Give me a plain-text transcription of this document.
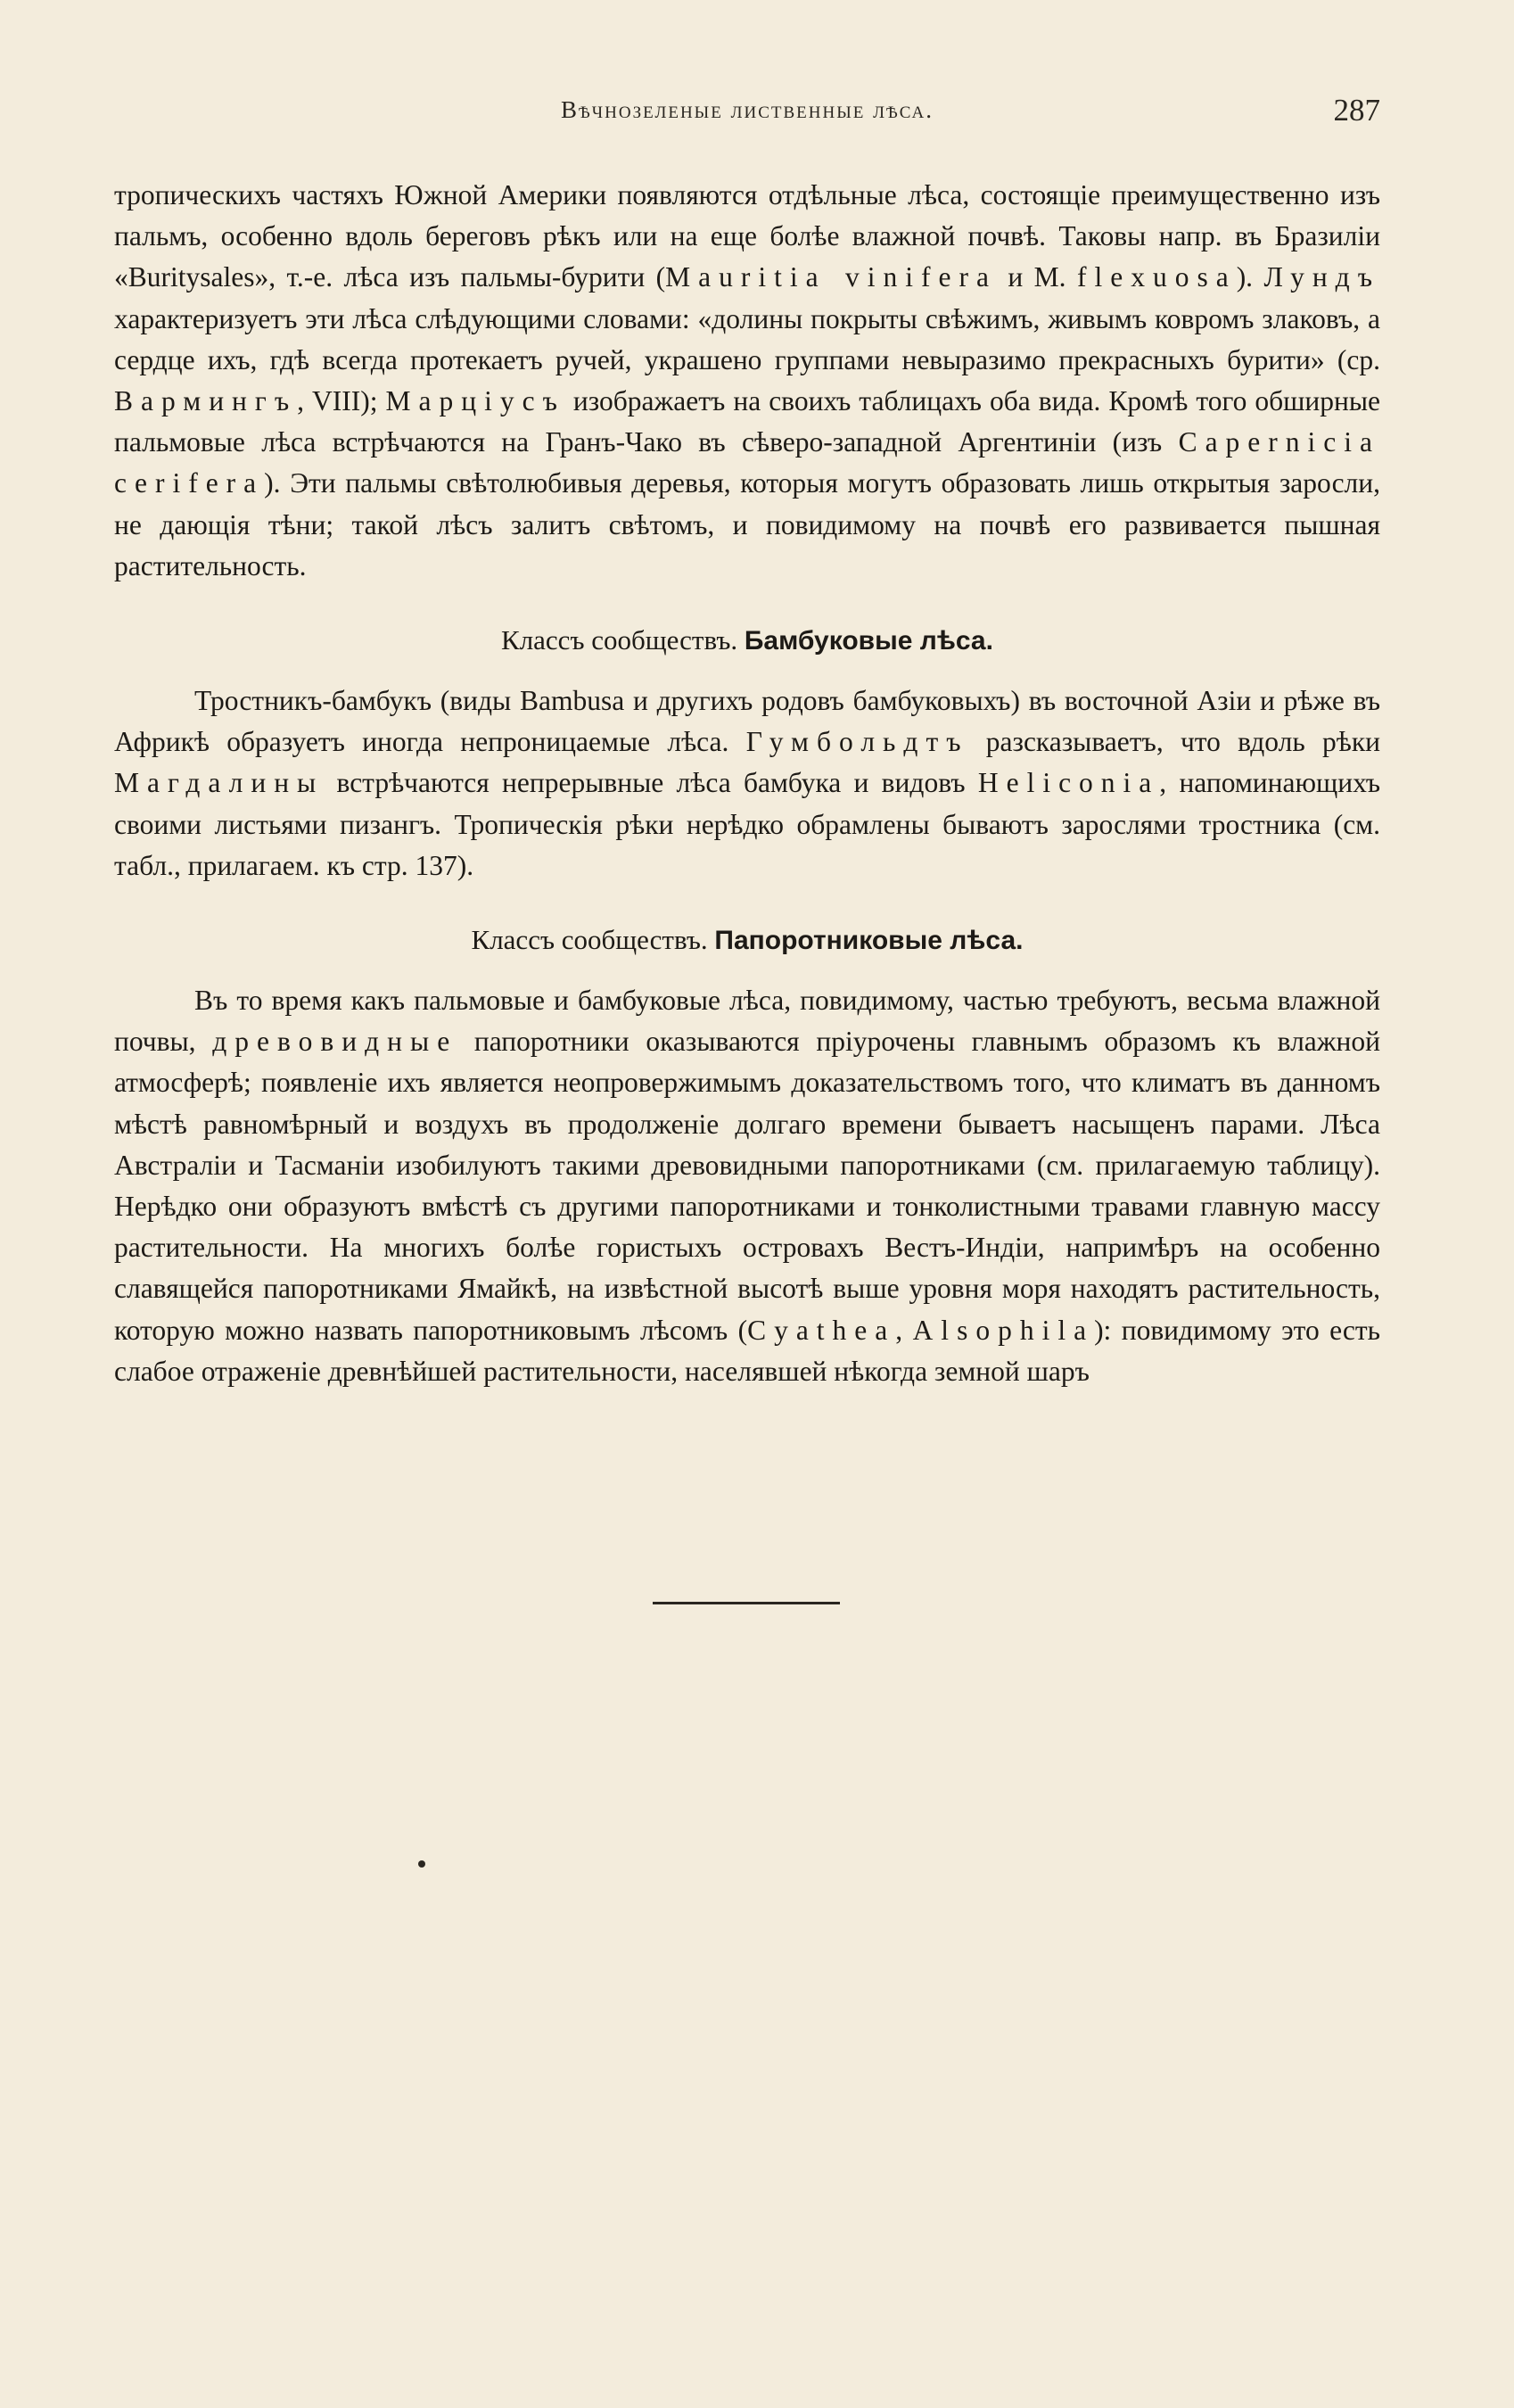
Вѣчнозеленые лиственные лѣса.	287

тропическихъ частяхъ Южной Америки появляются отдѣльные лѣса, состоящіе преимущественно изъ пальмъ, особенно вдоль береговъ рѣкъ или на еще болѣе влажной почвѣ. Таковы напр. въ Бразиліи «Buritysales», т.-е. лѣса изъ пальмы-бурити (Mauritia vinifera и M. flexuosa). Лундъ характеризуетъ эти лѣса слѣдующими словами: «долины покрыты свѣжимъ, живымъ ковромъ злаковъ, а сердце ихъ, гдѣ всегда протекаетъ ручей, украшено группами невыразимо прекрасныхъ бурити» (ср. Вармингъ, VIII); Марціусъ изображаетъ на своихъ таблицахъ оба вида. Кромѣ того обширные пальмовые лѣса встрѣчаются на Гранъ-Чако въ сѣверо-западной Аргентиніи (изъ Capernicia cerifera). Эти пальмы свѣтолюбивыя деревья, которыя могутъ образовать лишь открытыя заросли, не дающія тѣни; такой лѣсъ залитъ свѣтомъ, и повидимому на почвѣ его развивается пышная растительность.

Классъ сообществъ. Бамбуковые лѣса.

Тростникъ-бамбукъ (виды Bambusa и другихъ родовъ бамбуковыхъ) въ восточной Азіи и рѣже въ Африкѣ образуетъ иногда непроницаемые лѣса. Гумбольдтъ разсказываетъ, что вдоль рѣки Магдалины встрѣчаются непрерывные лѣса бамбука и видовъ Heliconia, напоминающихъ своими листьями пизангъ. Тропическія рѣки нерѣдко обрамлены бываютъ зарослями тростника (см. табл., прилагаем. къ стр. 137).

Классъ сообществъ. Папоротниковые лѣса.

Въ то время какъ пальмовые и бамбуковые лѣса, повидимому, частью требуютъ, весьма влажной почвы, древовидные папоротники оказываются пріурочены главнымъ образомъ къ влажной атмосферѣ; появленіе ихъ является неопровержимымъ доказательствомъ того, что климатъ въ данномъ мѣстѣ равномѣрный и воздухъ въ продолженіе долгаго времени бываетъ насыщенъ парами. Лѣса Австраліи и Тасманіи изобилуютъ такими древовидными папоротниками (см. прилагаемую таблицу). Нерѣдко они образуютъ вмѣстѣ съ другими папоротниками и тонколистными травами главную массу растительности. На многихъ болѣе гористыхъ островахъ Вестъ-Индіи, напримѣръ на особенно славящейся папоротниками Ямайкѣ, на извѣстной высотѣ выше уровня моря находятъ растительность, которую можно назвать папоротниковымъ лѣсомъ (Cyathea, Alsophila): повидимому это есть слабое отраженіе древнѣйшей растительности, населявшей нѣкогда земной шаръ
